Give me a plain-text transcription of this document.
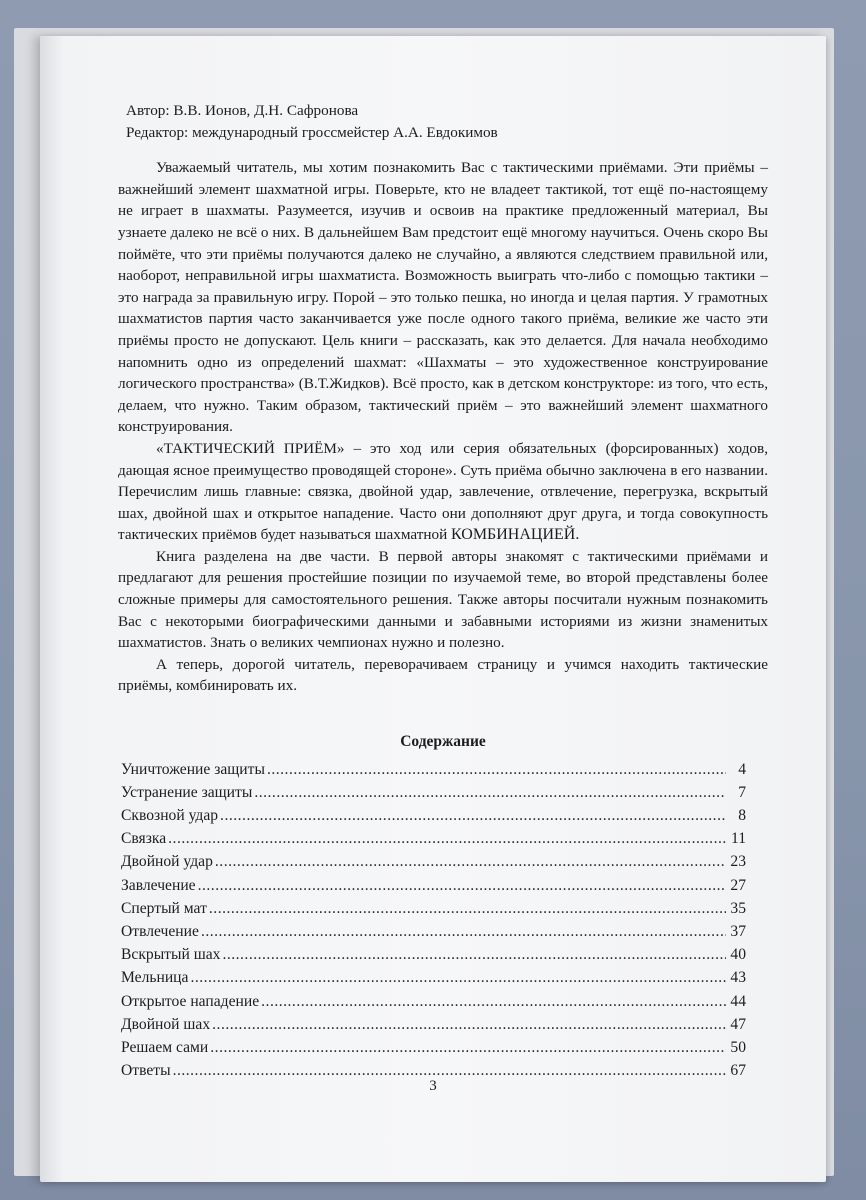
Автор: В.В. Ионов, Д.Н. Сафронова

Редактор: международный гроссмейстер А.А. Евдокимов

Уважаемый читатель, мы хотим познакомить Вас с тактическими приёмами. Эти приёмы – важнейший элемент шахматной игры. Поверьте, кто не владеет тактикой, тот ещё по-настоящему не играет в шахматы. Разумеется, изучив и освоив на практике предложенный материал, Вы узнаете далеко не всё о них. В дальнейшем Вам предстоит ещё многому научиться. Очень скоро Вы поймёте, что эти приёмы получаются далеко не случайно, а являются следствием правильной или, наоборот, неправильной игры шахматиста. Возможность выиграть что-либо с помощью тактики – это награда за правильную игру. Порой – это только пешка, но иногда и целая партия. У грамотных шахматистов партия часто заканчивается уже после одного такого приёма, великие же часто эти приёмы просто не допускают. Цель книги – рассказать, как это делается. Для начала необходимо напомнить одно из определений шахмат: «Шахматы – это художественное конструирование логического пространства» (В.Т.Жидков). Всё просто, как в детском конструкторе: из того, что есть, делаем, что нужно. Таким образом, тактический приём – это важнейший элемент шахматного конструирования.

«ТАКТИЧЕСКИЙ ПРИЁМ» – это ход или серия обязательных (форсированных) ходов, дающая ясное преимущество проводящей стороне». Суть приёма обычно заключена в его названии. Перечислим лишь главные: связка, двойной удар, завлечение, отвлечение, перегрузка, вскрытый шах, двойной шах и открытое нападение. Часто они дополняют друг друга, и тогда совокупность тактических приёмов будет называться шахматной КОМБИНАЦИЕЙ.

Книга разделена на две части. В первой авторы знакомят с тактическими приёмами и предлагают для решения простейшие позиции по изучаемой теме, во второй представлены более сложные примеры для самостоятельного решения. Также авторы посчитали нужным познакомить Вас с некоторыми биографическими данными и забавными историями из жизни знаменитых шахматистов. Знать о великих чемпионах нужно и полезно.

А теперь, дорогой читатель, переворачиваем страницу и учимся находить тактические приёмы, комбинировать их.

Содержание
Уничтожение защиты .....	4
Устранение защиты .....	7
Сквозной удар .....	8
Связка .....	11
Двойной удар .....	23
Завлечение .....	27
Спертый мат .....	35
Отвлечение .....	37
Вскрытый шах .....	40
Мельница .....	43
Открытое нападение .....	44
Двойной шах .....	47
Решаем сами .....	50
Ответы .....	67
3
